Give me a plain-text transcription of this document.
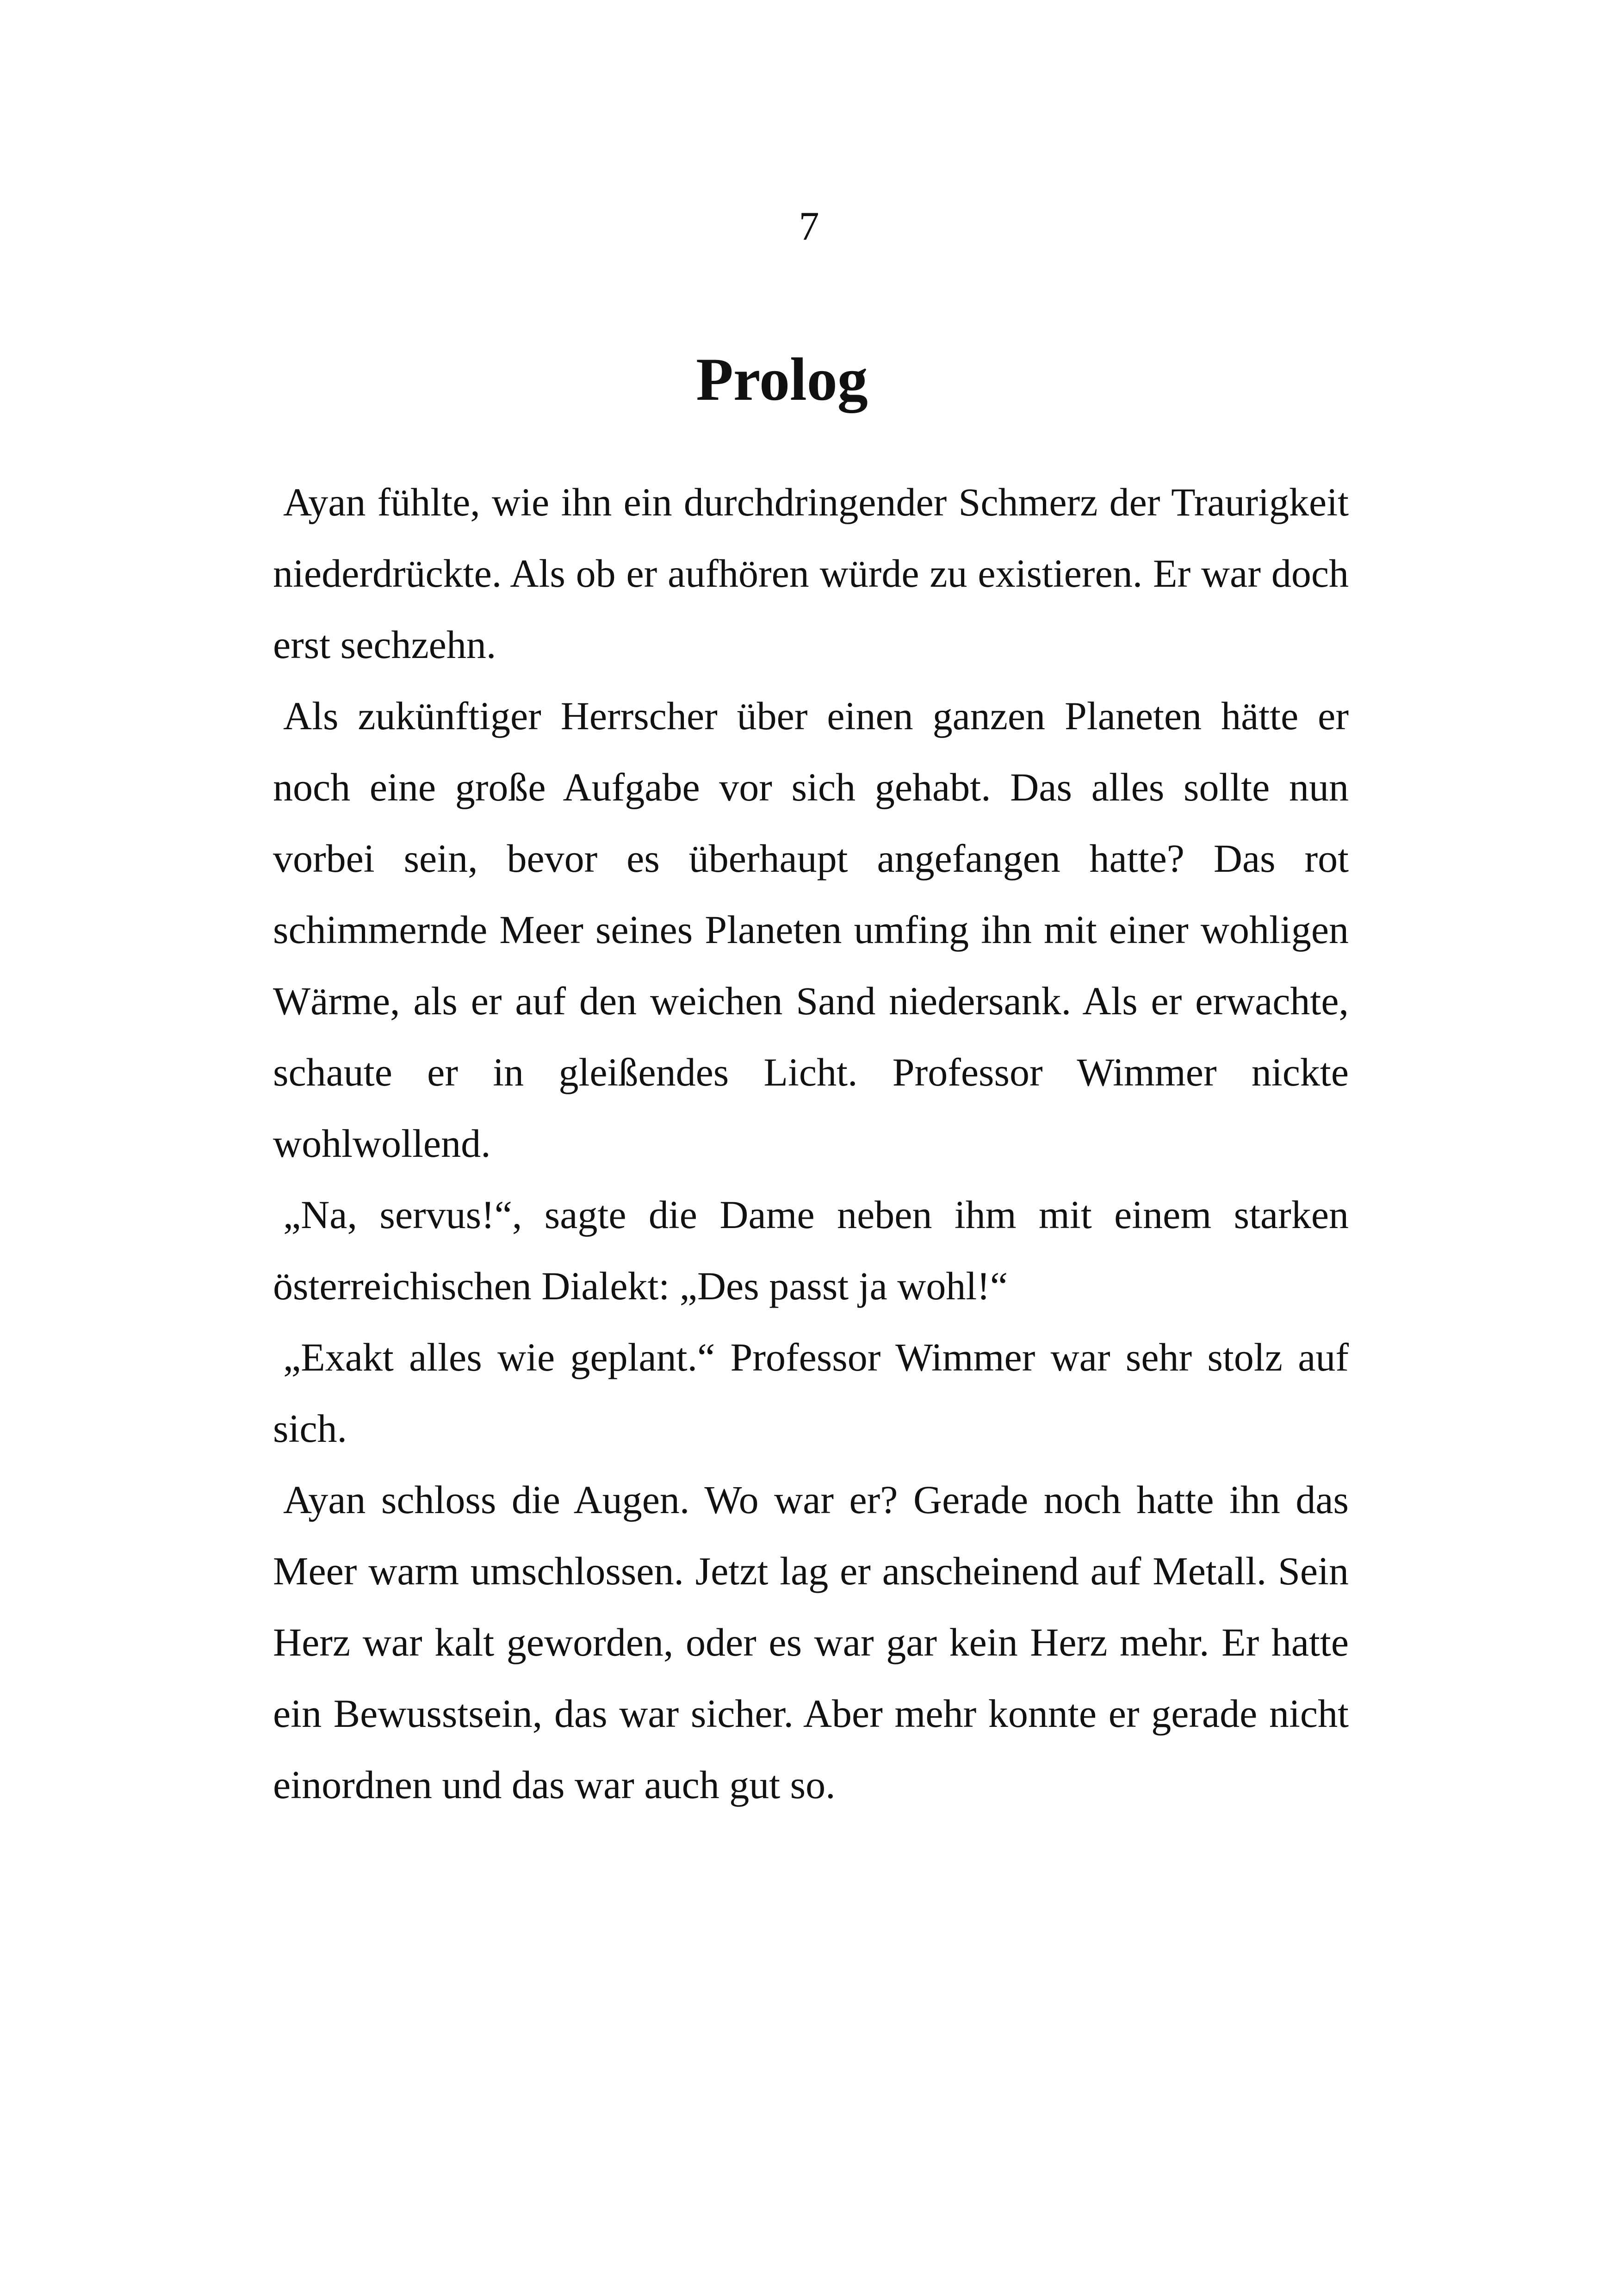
7
Prolog

Ayan fühlte, wie ihn ein durchdringender Schmerz der Traurigkeit niederdrückte. Als ob er aufhören würde zu existieren. Er war doch erst sechzehn.

Als zukünftiger Herrscher über einen ganzen Planeten hätte er noch eine große Aufgabe vor sich gehabt. Das alles sollte nun vorbei sein, bevor es überhaupt angefangen hatte? Das rot schimmernde Meer seines Planeten umfing ihn mit einer wohligen Wärme, als er auf den weichen Sand niedersank. Als er erwachte, schaute er in gleißendes Licht. Professor Wimmer nickte wohlwollend.

„Na, servus!“, sagte die Dame neben ihm mit einem starken österreichischen Dialekt: „Des passt ja wohl!“

„Exakt alles wie geplant.“ Professor Wimmer war sehr stolz auf sich.

Ayan schloss die Augen. Wo war er? Gerade noch hatte ihn das Meer warm umschlossen. Jetzt lag er anscheinend auf Metall. Sein Herz war kalt geworden, oder es war gar kein Herz mehr. Er hatte ein Bewusstsein, das war sicher. Aber mehr konnte er gerade nicht einordnen und das war auch gut so.
